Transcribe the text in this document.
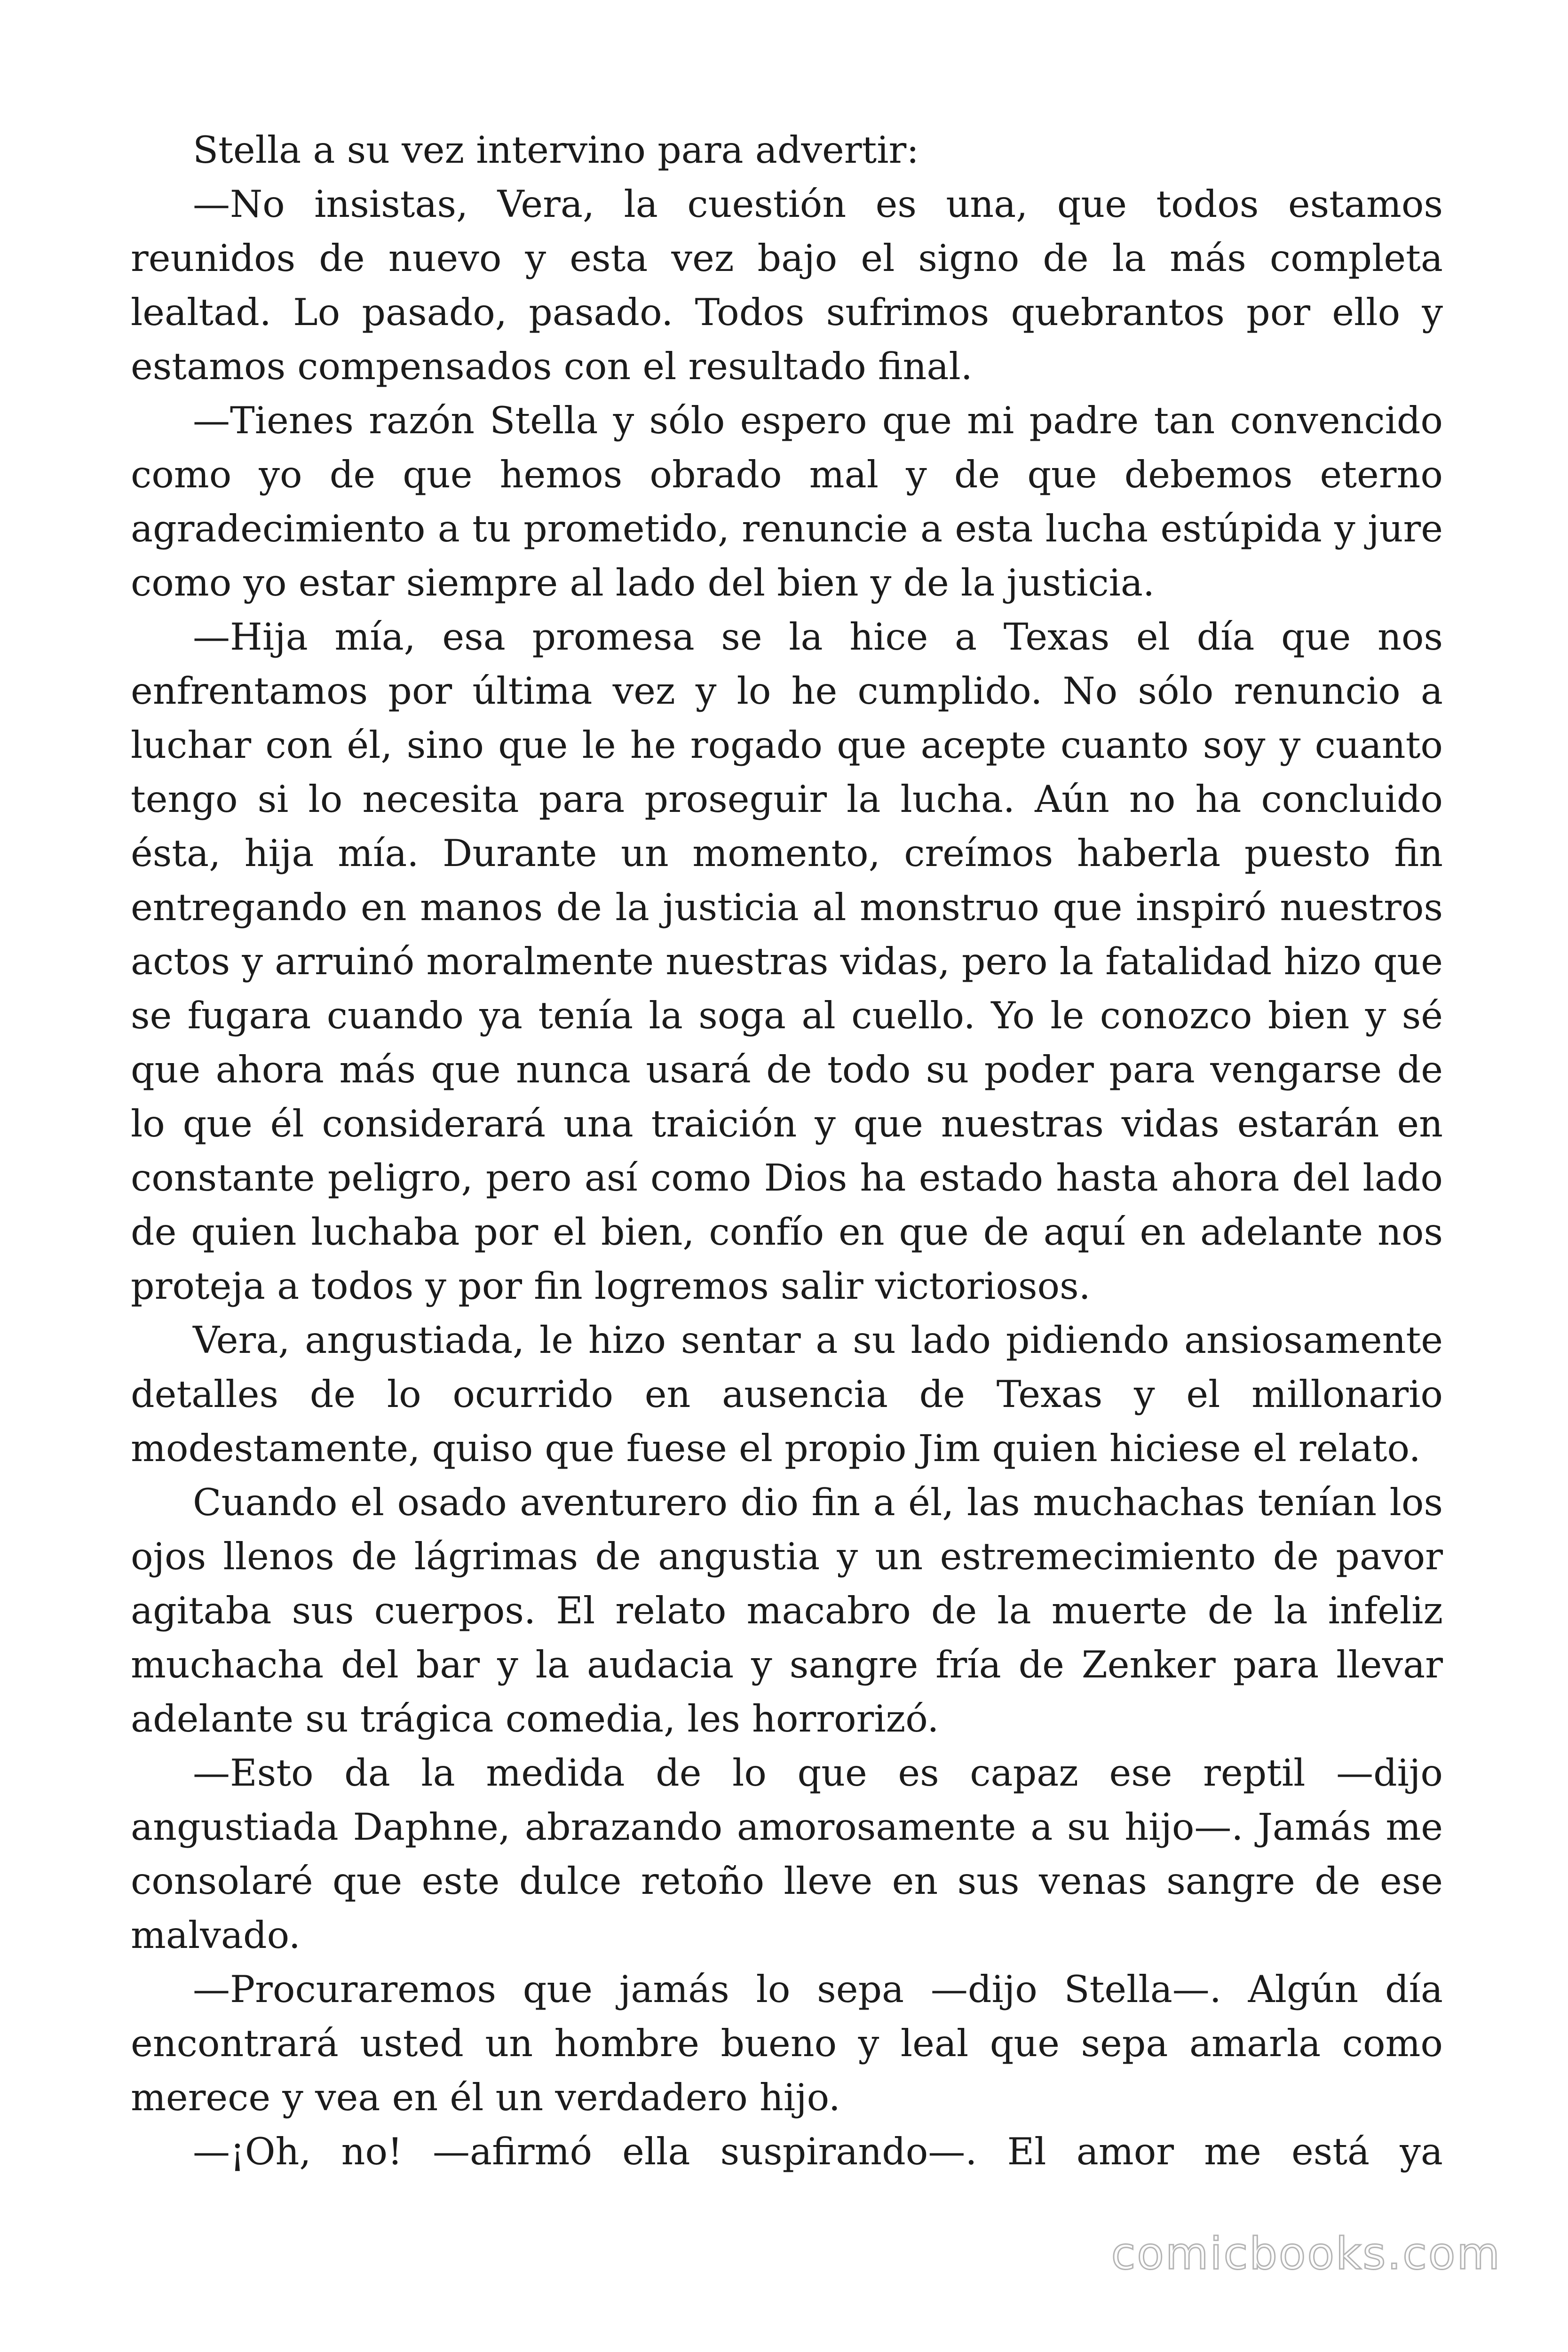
Stella a su vez intervino para advertir:

—No insistas, Vera, la cuestión es una, que todos estamos reunidos de nuevo y esta vez bajo el signo de la más completa lealtad. Lo pasado, pasado. Todos sufrimos quebrantos por ello y estamos compensados con el resultado final.

—Tienes razón Stella y sólo espero que mi padre tan convencido como yo de que hemos obrado mal y de que debemos eterno agradecimiento a tu prometido, renuncie a esta lucha estúpida y jure como yo estar siempre al lado del bien y de la justicia.

—Hija mía, esa promesa se la hice a Texas el día que nos enfrentamos por última vez y lo he cumplido. No sólo renuncio a luchar con él, sino que le he rogado que acepte cuanto soy y cuanto tengo si lo necesita para proseguir la lucha. Aún no ha concluido ésta, hija mía. Durante un momento, creímos haberla puesto fin entregando en manos de la justicia al monstruo que inspiró nuestros actos y arruinó moralmente nuestras vidas, pero la fatalidad hizo que se fugara cuando ya tenía la soga al cuello. Yo le conozco bien y sé que ahora más que nunca usará de todo su poder para vengarse de lo que él considerará una traición y que nuestras vidas estarán en constante peligro, pero así como Dios ha estado hasta ahora del lado de quien luchaba por el bien, confío en que de aquí en adelante nos proteja a todos y por fin logremos salir victoriosos.

Vera, angustiada, le hizo sentar a su lado pidiendo ansiosamente detalles de lo ocurrido en ausencia de Texas y el millonario modestamente, quiso que fuese el propio Jim quien hiciese el relato.

Cuando el osado aventurero dio fin a él, las muchachas tenían los ojos llenos de lágrimas de angustia y un estremecimiento de pavor agitaba sus cuerpos. El relato macabro de la muerte de la infeliz muchacha del bar y la audacia y sangre fría de Zenker para llevar adelante su trágica comedia, les horrorizó.

—Esto da la medida de lo que es capaz ese reptil —dijo angustiada Daphne, abrazando amorosamente a su hijo—. Jamás me consolaré que este dulce retoño lleve en sus venas sangre de ese malvado.

—Procuraremos que jamás lo sepa —dijo Stella—. Algún día encontrará usted un hombre bueno y leal que sepa amarla como merece y vea en él un verdadero hijo.

—¡Oh, no! —afirmó ella suspirando—. El amor me está ya

comicbooks.com
